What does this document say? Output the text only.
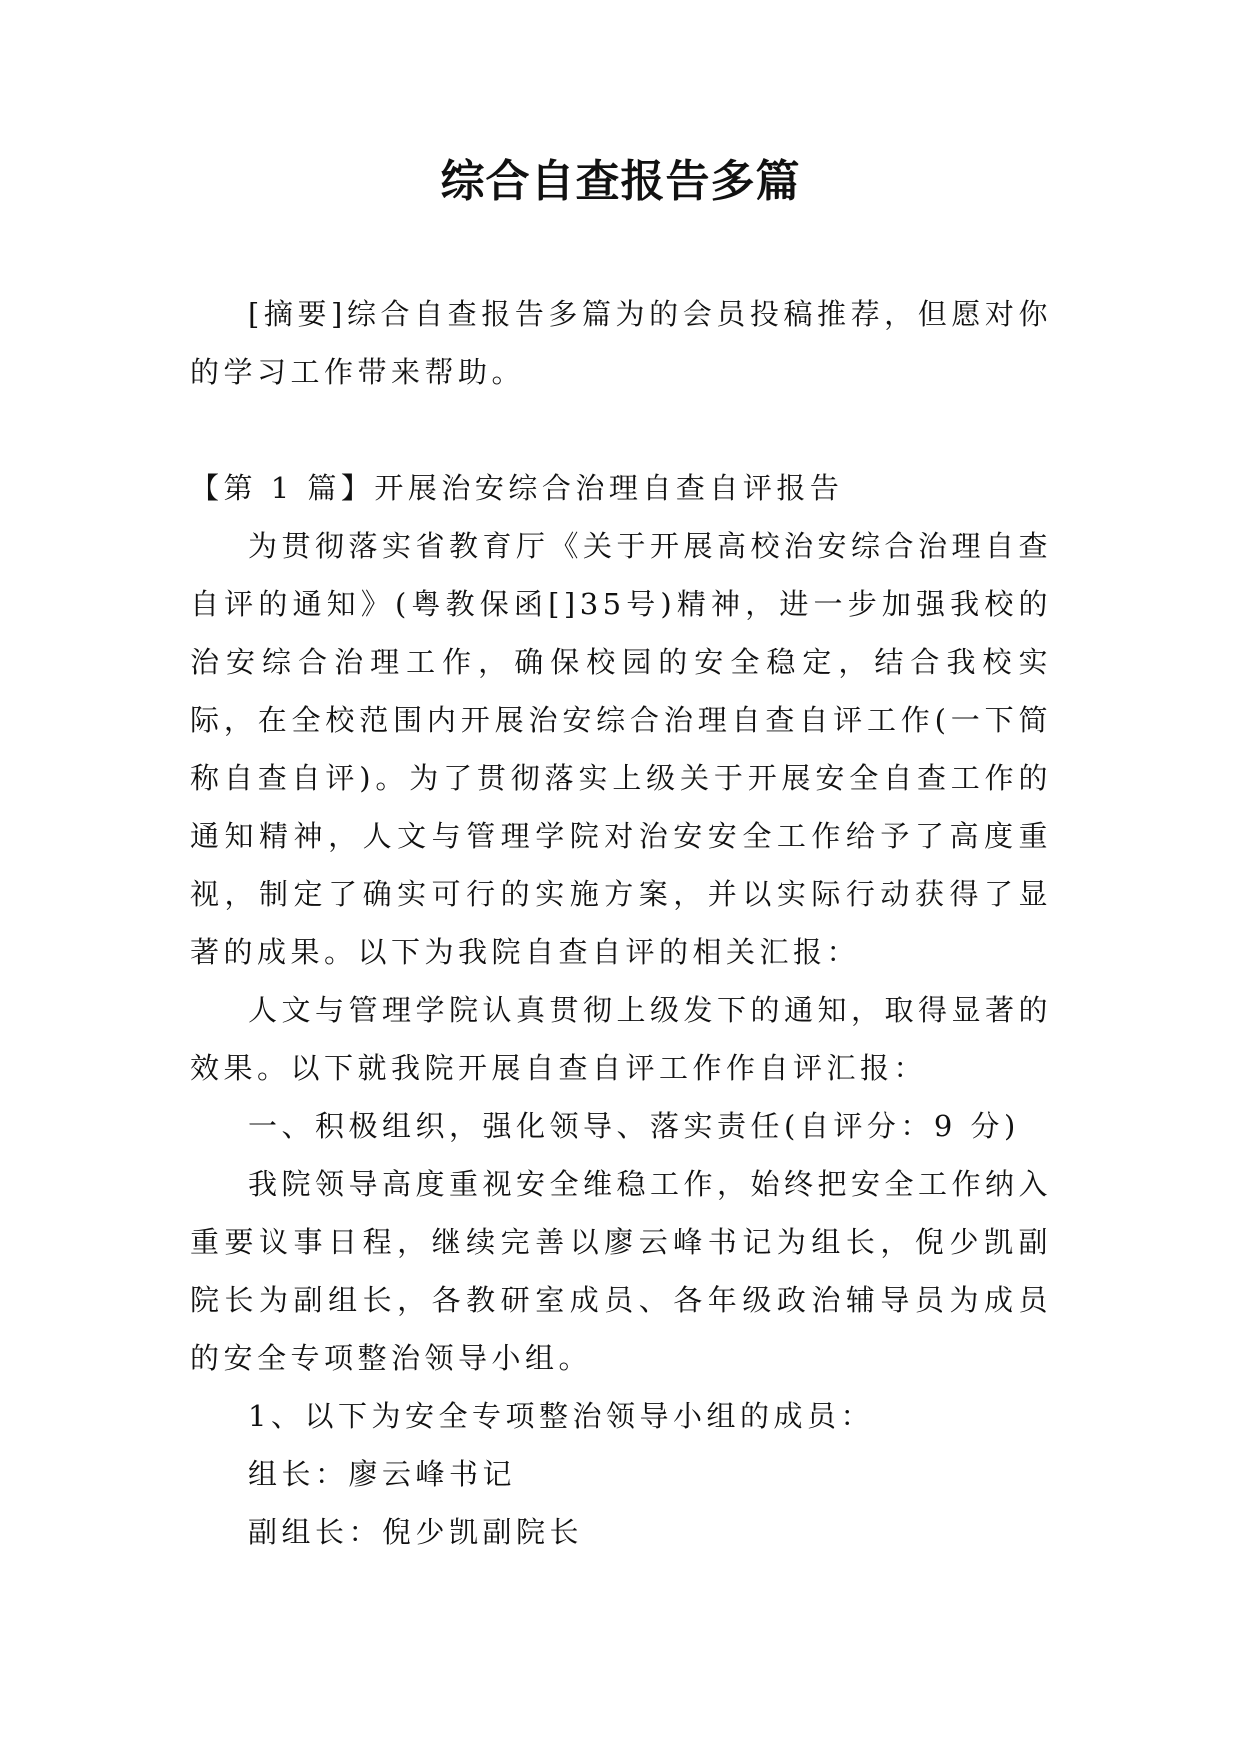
综合自查报告多篇

[摘要]综合自查报告多篇为的会员投稿推荐，但愿对你的学习工作带来帮助。

【第 1 篇】开展治安综合治理自查自评报告

为贯彻落实省教育厅《关于开展高校治安综合治理自查自评的通知》(粤教保函[]35号)精神，进一步加强我校的治安综合治理工作，确保校园的安全稳定，结合我校实际，在全校范围内开展治安综合治理自查自评工作(一下简称自查自评)。为了贯彻落实上级关于开展安全自查工作的通知精神，人文与管理学院对治安安全工作给予了高度重视，制定了确实可行的实施方案，并以实际行动获得了显著的成果。以下为我院自查自评的相关汇报：

人文与管理学院认真贯彻上级发下的通知，取得显著的效果。以下就我院开展自查自评工作作自评汇报：

一、积极组织，强化领导、落实责任(自评分：9 分)

我院领导高度重视安全维稳工作，始终把安全工作纳入重要议事日程，继续完善以廖云峰书记为组长，倪少凯副院长为副组长，各教研室成员、各年级政治辅导员为成员的安全专项整治领导小组。

1、以下为安全专项整治领导小组的成员：

组长：廖云峰书记

副组长：倪少凯副院长
